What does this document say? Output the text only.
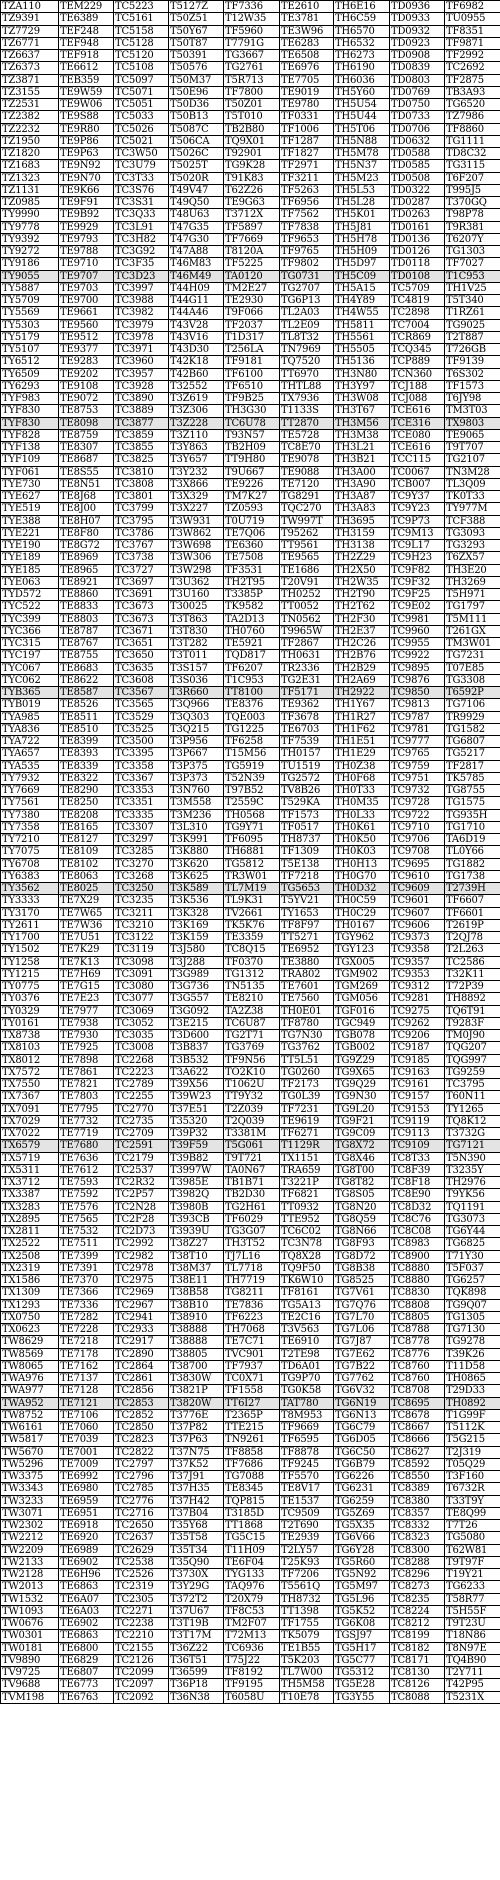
TZA110	TEM229	TC5223	T5127Z	TF7336	TE2610	TH6E16	TD0936	TF6982
TZ9391	TE6389	TC5161	T50Z51	T12W35	TE3781	TH6C59	TD0933	TU0955
TZ7729	TEF248	TC5158	T50Y67	TF5960	TE3W96	TH6570	TD0932	TF8351
TZ6771	TEF948	TC5128	T50T87	T7791G	TE6283	TH6532	TD0923	TF9871
TZ6637	TEF918	TC5120	T50391	TG3667	TE6508	TH6273	TD0908	TF2992
TZ6373	TE6612	TC5108	T50576	TG2761	TE6976	TH6190	TD0839	TC2692
TZ3871	TEB359	TC5097	T50M37	T5R713	TE7705	TH6036	TD0803	TF2875
TZ3155	TE9W59	TC5071	T50E96	TF7800	TE9019	TH5Y60	TD0769	TB3A93
TZ2531	TE9W06	TC5051	T50D36	T50Z01	TE9780	TH5U54	TD0750	TG6520
TZ2382	TE9S88	TC5033	T50B13	T5T010	TF0331	TH5U44	TD0733	TZ7986
TZ2232	TE9R80	TC5026	T5087C	TB2B80	TF1006	TH5T06	TD0706	TF8860
TZ1950	TE9P86	TC5021	T506CA	TQ9X01	TF1287	TH5N88	TD0632	TG1111
TZ1820	TE9P63	TC3W50	T5026C	T92901	TF1827	TH5M78	TD0588	TD8C32
TZ1683	TE9N92	TC3U79	T5025T	TG9K28	TF2971	TH5N37	TD0585	TG3115
TZ1323	TE9N70	TC3T33	T5020R	T91K83	TF3211	TH5M23	TD0508	T6F207
TZ1131	TE9K66	TC3S76	T49V47	T62Z26	TF5263	TH5L53	TD0322	T995J5
TZ0985	TE9F91	TC3S31	T49Q50	TE9G63	TF6956	TH5L28	TD0287	T370GQ
TY9990	TE9B92	TC3Q33	T48U63	T3712X	TF7562	TH5K01	TD0263	T98P78
TY9778	TE9929	TC3L91	T47G35	TF5897	TF7838	TH5J81	TD0161	T9R381
TY9392	TE9793	TC3H82	T47G30	TF7669	TF9653	TH5H78	TD0136	T6207Y
TY9272	TE9788	TC3G92	T47A88	T8120A	TF9765	TH5H09	TD0126	TG1303
TY9186	TE9710	TC3F35	T46M83	TF5225	TF9802	TH5D97	TD0118	TF7027
TY9055	TE9707	TC3D23	T46M49	TA0120	TG0731	TH5C09	TD0108	T1C953
TY5887	TE9703	TC3997	T44H09	TM2E27	TG2707	TH5A15	TC5709	TH1V25
TY5709	TE9700	TC3988	T44G11	TE2930	TG6P13	TH4Y89	TC4819	T5T340
TY5569	TE9661	TC3982	T44A46	T9F066	TL2A03	TH4W55	TC2898	T1RZ61
TY5303	TE9560	TC3979	T43V28	TF2037	TL2E09	TH5811	TC7004	TG9025
TY5179	TE9512	TC3978	T43V16	T1D317	TL8T32	TH5561	TCR869	T2T887
TY5107	TE9377	TC3971	T43D30	T256LA	TN7969	TH5505	TCQ345	T726GB
TY6512	TE9283	TC3960	T42K18	TF9181	TQ7520	TH5136	TCP889	TF9139
TY6509	TE9202	TC3957	T42B60	TF6100	TT6970	TH3N80	TCN360	T6S302
TY6293	TE9108	TC3928	T32552	TF6510	THTL88	TH3Y97	TCJ188	TF1573
TYF983	TE9072	TC3890	T3Z619	TF9B25	TX7936	TH3W08	TCJ088	T6JY98
TYF830	TE8753	TC3889	T3Z306	TH3G30	T1133S	TH3T67	TCE616	TM3T03
TYF830	TE8098	TC3877	T3Z228	TC6U78	TT2870	TH3M56	TCE316	TX9803
TYF828	TE8759	TC3859	T3Z110	T93N57	TE5728	TH3M38	TCE080	TE9065
TYF138	TE8307	TC3855	T3Y863	TB2H09	TC8E70	TH3L21	TCE616	T9T707
TYF109	TE8687	TC3825	T3Y657	TT9H80	TE9078	TH3B21	TCC115	TG2107
TYF061	TE8S55	TC3810	T3Y232	T9U667	TE9088	TH3A00	TC0067	TN3M28
TYE730	TE8N51	TC3808	T3X866	TE9226	TE7120	TH3A90	TCB007	TL3Q09
TYE627	TE8J68	TC3801	T3X329	TM7K27	TG8291	TH3A87	TC9Y37	TK0T33
TYE519	TE8J00	TC3799	T3X227	TZ0593	TQC270	TH3A83	TC9Y23	TY977M
TYE388	TE8H07	TC3795	T3W931	T0U719	TW997T	TH3695	TC9P73	TCF388
TYE221	TE8F80	TC3786	T3W862	TE7Q06	T95262	TH3159	TC9M13	TG3093
TYE190	TE8G72	TC3767	T3W698	TE6360	TT9561	TH3138	TC9L17	TG3293
TYE189	TE8969	TC3738	T3W306	TE7508	TE9565	TH2Z29	TC9H23	T6ZX57
TYE185	TE8965	TC3727	T3W298	TF3531	TE1686	TH2X50	TC9F82	TH3E20
TYE063	TE8921	TC3697	T3U362	TH2T95	T20V91	TH2W35	TC9F32	TH3269
TYD572	TE8860	TC3691	T3U160	T3385P	TH0252	TH2T90	TC9F25	T5H971
TYC522	TE8833	TC3673	T30025	TK9582	TT0052	TH2T62	TC9E02	TG1797
TYC399	TE8803	TC3673	T3T863	TA2D13	TN0562	TH2F30	TC9981	T5M111
TYC366	TE8787	TC3671	T3T830	TH0760	T9965W	TH2E37	TC9960	T261GX
TYC315	TE8767	TC3651	T3T282	TE5921	TF2867	TH2C26	TC9955	TM3W01
TYC197	TE8755	TC3650	T3T011	TQD817	TH0631	TH2B76	TC9922	TG7231
TYC067	TE8683	TC3635	T3S157	TF6207	TR2336	TH2B29	TC9895	T07E85
TYC062	TE8622	TC3608	T3S036	T1C953	TG2E31	TH2A69	TC9876	TG3308
TYB365	TE8587	TC3567	T3R660	TT8100	TF5171	TH2922	TC9850	T6592P
TYB019	TE8526	TC3565	T3Q966	TE8376	TE9362	TH1Y67	TC9813	TG7106
TYA985	TE8511	TC3529	T3Q303	TQE003	TF3678	TH1R27	TC9787	TR9929
TYA836	TE8510	TC3525	T3Q215	TG1225	TE6703	TH1F62	TC9781	TG1582
TYA722	TE8399	TC3500	T3P956	TF6258	TF7539	TH1E51	TC9777	TG6807
TYA657	TE8393	TC3395	T3P667	T15M56	TH0157	TH1E29	TC9765	TG5217
TYA535	TE8339	TC3358	T3P375	TG5919	TU1519	TH0Z38	TC9759	TF2817
TY7932	TE8322	TC3367	T3P373	T52N39	TG2572	TH0F68	TC9751	TK5785
TY7669	TE8290	TC3353	T3N760	T97B52	TV8B26	TH0T33	TC9732	TG8755
TY7561	TE8250	TC3351	T3M558	T2559C	T529KA	TH0M35	TC9728	TG1575
TY7380	TE8208	TC3335	T3M236	TH0568	TF1573	TH0L33	TC9722	TG935H
TY7358	TE8165	TC3307	T3L310	TG9Y71	TF0517	TH0K61	TC9710	TG1710
TY7210	TE8127	TC3297	T3K991	TF6095	TH8737	TH0K50	TC9706	TA6D19
TY7075	TE8109	TC3285	T3K880	TH6881	TF1309	TH0K03	TC9708	TL0Y66
TY6708	TE8102	TC3270	T3K620	TG5812	T5E138	TH0H13	TC9695	TG1882
TY6383	TE8063	TC3268	T3K625	TR3W01	TF7218	TH0G70	TC9610	TG1738
TY3562	TE8025	TC3250	T3K589	TL7M19	TG5653	TH0D32	TC9609	T2739H
TY3333	TE7X29	TC3235	T3K536	TL9K31	T5YV21	TH0C59	TC9601	TF6607
TY3170	TE7W65	TC3211	T3K328	TV2661	TY1653	TH0C29	TC9607	TF6601
TY2611	TE7W36	TC3210	T3K169	TK5K76	TF8F97	TH0167	TC9606	T2619P
TY1700	TE7U51	TC3122	T3K159	TE3359	TT5271	TGY962	TC9373	T2QJ78
TY1502	TE7K29	TC3119	T3J580	TC8Q15	TE6952	TGY123	TC9358	T2L263
TY1258	TE7K13	TC3098	T3J288	TF0370	TE3880	TGX005	TC9357	TC2586
TY1215	TE7H69	TC3091	T3G989	TG1312	TRA802	TGM902	TC9353	T32K11
TY0775	TE7G15	TC3080	T3G736	TN5135	TE7601	TGM269	TC9312	T72P39
TY0376	TE7E23	TC3077	T3G557	TE8210	TE7560	TGM056	TC9281	TH8892
TY0329	TE7977	TC3069	T3G092	TA2Z38	TH0E01	TGF016	TC9275	TQ6T91
TY0161	TE7938	TC3052	T3E215	TC6U87	TF8780	TGC949	TC9262	T9283F
TX8738	TE7930	TC3035	T3D600	TG2T71	TG7N30	TGB078	TC9206	TM0J90
TX8103	TE7925	TC3008	T3B837	TG3769	TG3762	TGB002	TC9187	TQG207
TX8012	TE7898	TC2268	T3B532	TF9N56	TT5L51	TG9Z29	TC9185	TQG997
TX7572	TE7861	TC2223	T3A622	TO2K10	TG0260	TG9X65	TC9163	TG9259
TX7550	TE7821	TC2789	T39X56	T1062U	TF2173	TG9Q29	TC9161	TC3795
TX7367	TE7803	TC2255	T39W23	TT9Y32	TG0L39	TG9N30	TC9157	T60N11
TX7091	TE7795	TC2770	T37E51	T2Z039	TF7231	TG9L20	TC9153	TY1265
TX7029	TE7732	TC2735	T35320	T2Q039	TE9619	TG9F21	TC9119	TQ8K12
TX7022	TE7719	TC2709	T39P32	T3381M	TF6271	TG9C09	TC9113	T3732G
TX6579	TE7680	TC2591	T39F59	T5G061	T1129R	TG8X72	TC9109	TG7121
TX5719	TE7636	TC2179	T39B82	T9T721	TX1151	TG8X46	TC8T33	T5N390
TX5311	TE7612	TC2537	T3997W	TA0N67	TRA659	TG8T00	TC8F39	T3235Y
TX3712	TE7593	TC2R32	T3985E	TB1B71	T3221P	TG8T82	TC8F18	TH2976
TX3387	TE7592	TC2P57	T3982Q	TB2D30	TF6821	TG8S05	TC8E90	T9YK56
TX3283	TE7576	TC2N28	T3980B	TG2H61	TT0932	TG8N20	TC8D32	TQ1191
TX2895	TE7565	TC2F28	T393CB	TF6029	TTE952	TG8Q59	TC8C76	TG3073
TX2811	TE7532	TC2D73	T3939U	TG3G07	TC6C02	TG8N66	TC8C08	TG6Y44
TX2522	TE7511	TC2992	T38Z27	TH3T52	TC3N78	TG8F93	TC8983	TG6825
TX2508	TE7399	TC2982	T38T10	TJ7L16	TQ8X28	TG8D72	TC8900	T71Y30
TX2319	TE7391	TC2978	T38M37	TL7718	TQ9F50	TG8B38	TC8880	T5F037
TX1586	TE7370	TC2975	T38E11	TH7719	TK6W10	TG8525	TC8880	TG6257
TX1309	TE7366	TC2969	T38B58	TG8211	TF8161	TG7V61	TC8830	TQK898
TX1293	TE7336	TC2967	T38B10	TE7836	TG5A13	TG7Q76	TC8808	TG9Q07
TX0750	TE7282	TC2941	T38910	TF6223	TE2C16	TG7L70	TC8805	TG1305
TX0623	TE7228	TC2933	T38888	TH7068	T3V563	TG7L06	TC8788	TG7130
TW8629	TE7218	TC2917	T38888	TE7C71	TE6910	TG7J87	TC8778	TG9278
TW8569	TE7178	TC2890	T38805	TVC901	T2TE98	TG7E62	TC8776	T39K26
TW8065	TE7162	TC2864	T38700	TF7937	TD6A01	TG7B22	TC8760	T11D58
TWA976	TE7137	TC2861	T3830W	TC0X71	TG9P70	TG7762	TC8760	TH0865
TWA977	TE7128	TC2856	T3821P	TF1558	TG0K58	TG6V32	TC8708	T29D33
TWA952	TE7121	TC2853	T3820W	TT6I27	TAT780	TG6N19	TC8695	TH0892
TW8752	TE7106	TC2852	T3776E	T2365P	T8M953	TG6N13	TC8678	T1G99F
TW6161	TE7060	TC2850	T37P82	TTE215	TF9669	TG6C79	TC8667	T5112K
TW5817	TE7039	TC2823	T37P63	TN9261	TF6595	TG6D05	TC8666	T5G215
TW5670	TE7001	TC2822	T37N75	TF8858	TF8878	TG6C50	TC8627	T2J319
TW5296	TE7009	TC2797	T37K52	TF7686	TF9245	TG6B79	TC8592	T05Q29
TW3375	TE6992	TC2796	T37J91	TG7088	TF5570	TG6226	TC8550	T3F160
TW3343	TE6980	TC2785	T37H35	TE8345	TE8V17	TG6231	TC8389	T6732R
TW3233	TE6959	TC2776	T37H42	TQP815	TE1537	TG6259	TC8380	T33T9Y
TW3071	TE6951	TC2716	T37B04	T3185D	TC9509	TG5Z69	TC8357	TE8Q99
TW2302	TE6918	TC2650	T35Y68	TT1868	T2T690	TG5X35	TC8332	T7T26
TW2212	TE6920	TC2637	T35T58	TG5C15	TE2939	TG6V66	TC8323	TG5080
TW2209	TE6989	TC2629	T35T34	T11H09	T2LY57	TG6Y28	TC8300	T62W81
TW2133	TE6902	TC2538	T35Q90	TE6F04	T25K93	TG5R60	TC8288	T9T97F
TW2128	TE6H96	TC2526	T3730X	TYG133	TF7206	TG5N92	TC8296	T19Y21
TW2013	TE6863	TC2319	T3Y29G	TAQ976	T5561Q	TG5M97	TC8273	TG6233
TW1532	TE6A07	TC2305	T372T2	T20X79	TH8732	TG5L96	TC8235	T58R77
TW1093	TE6A03	TC2271	T37U67	TF8C53	TT1398	TG5K52	TC8224	T5H55F
TW0676	TE6902	TC2238	T3T19B	TM2F07	TF1755	TG6K08	TC8212	T9T23U
TW0301	TE6863	TC2210	T3T17M	T72M13	TK5079	TGSJ97	TC8199	T18N86
TW0181	TE6800	TC2155	T36Z22	TC6936	TE1B55	TG5H17	TC8182	T8N97E
TV9890	TE6829	TC2126	T36T51	T75J22	T5K203	TG5C77	TC8171	TQ4B90
TV9725	TE6807	TC2099	T36599	TF8192	TL7W00	TG5312	TC8130	T2Y711
TV9688	TE6773	TC2097	T36P18	TF9195	TH5M58	TG5E28	TC8126	T42P95
TVM198	TE6763	TC2092	T36N38	T6058U	T10E78	TG3Y55	TC8088	T5231X
